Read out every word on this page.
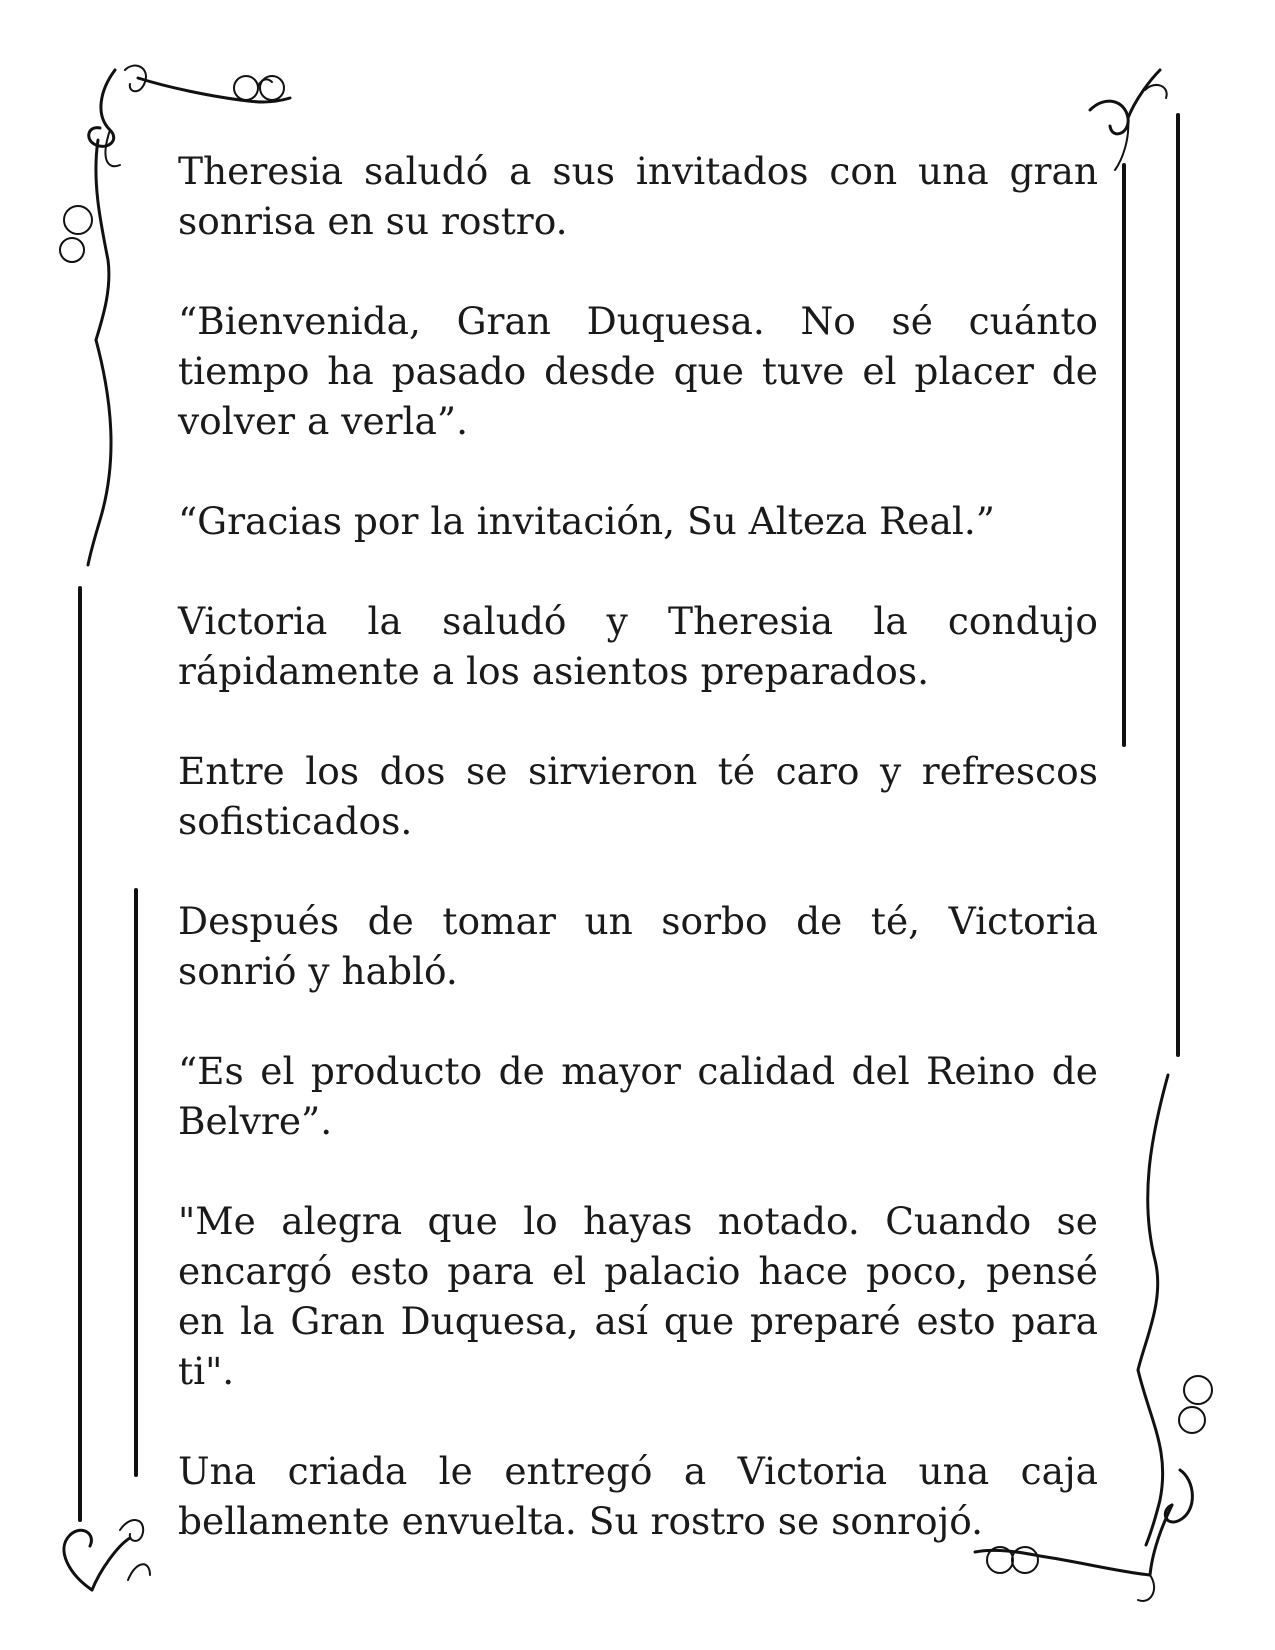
Theresia saludó a sus invitados con una gran sonrisa en su rostro.

“Bienvenida, Gran Duquesa. No sé cuánto tiempo ha pasado desde que tuve el placer de volver a verla”.

“Gracias por la invitación, Su Alteza Real.”

Victoria la saludó y Theresia la condujo rápidamente a los asientos preparados.

Entre los dos se sirvieron té caro y refrescos sofisticados.

Después de tomar un sorbo de té, Victoria sonrió y habló.

“Es el producto de mayor calidad del Reino de Belvre”.

"Me alegra que lo hayas notado. Cuando se encargó esto para el palacio hace poco, pensé en la Gran Duquesa, así que preparé esto para ti".

Una criada le entregó a Victoria una caja bellamente envuelta. Su rostro se sonrojó.
